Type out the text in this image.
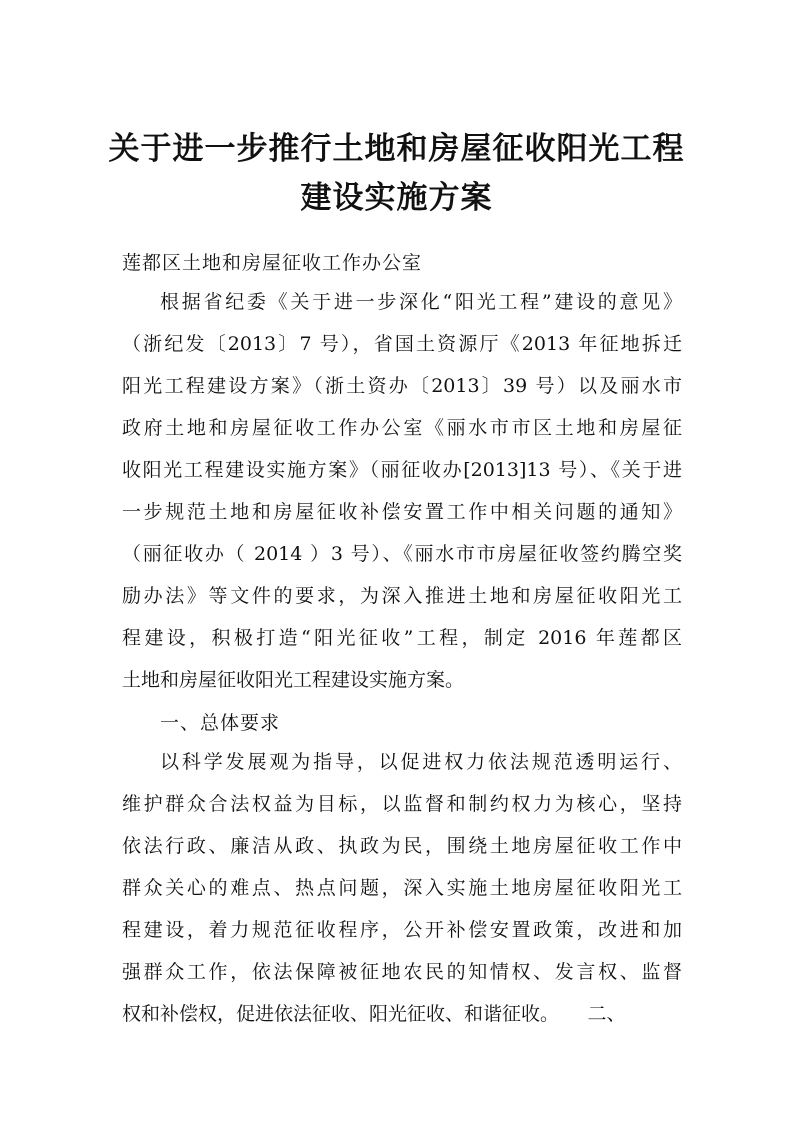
关于进一步推行土地和房屋征收阳光工程
建设实施方案

莲都区土地和房屋征收工作办公室

根据省纪委《关于进一步深化“阳光工程”建设的意见》

（浙纪发〔2013〕7 号），省国土资源厅《2013 年征地拆迁

阳光工程建设方案》（浙土资办〔2013〕39 号）以及丽水市

政府土地和房屋征收工作办公室《丽水市市区土地和房屋征

收阳光工程建设实施方案》（丽征收办[2013]13 号）、《关于进

一步规范土地和房屋征收补偿安置工作中相关问题的通知》

（丽征收办（ 2014 ）3 号）、《丽水市市房屋征收签约腾空奖

励办法》等文件的要求，为深入推进土地和房屋征收阳光工

程建设，积极打造“阳光征收”工程，制定 2016 年莲都区

土地和房屋征收阳光工程建设实施方案。

一、总体要求

以科学发展观为指导，以促进权力依法规范透明运行、

维护群众合法权益为目标，以监督和制约权力为核心，坚持

依法行政、廉洁从政、执政为民，围绕土地房屋征收工作中

群众关心的难点、热点问题，深入实施土地房屋征收阳光工

程建设，着力规范征收程序，公开补偿安置政策，改进和加

强群众工作，依法保障被征地农民的知情权、发言权、监督

权和补偿权，促进依法征收、阳光征收、和谐征收。　　二、
